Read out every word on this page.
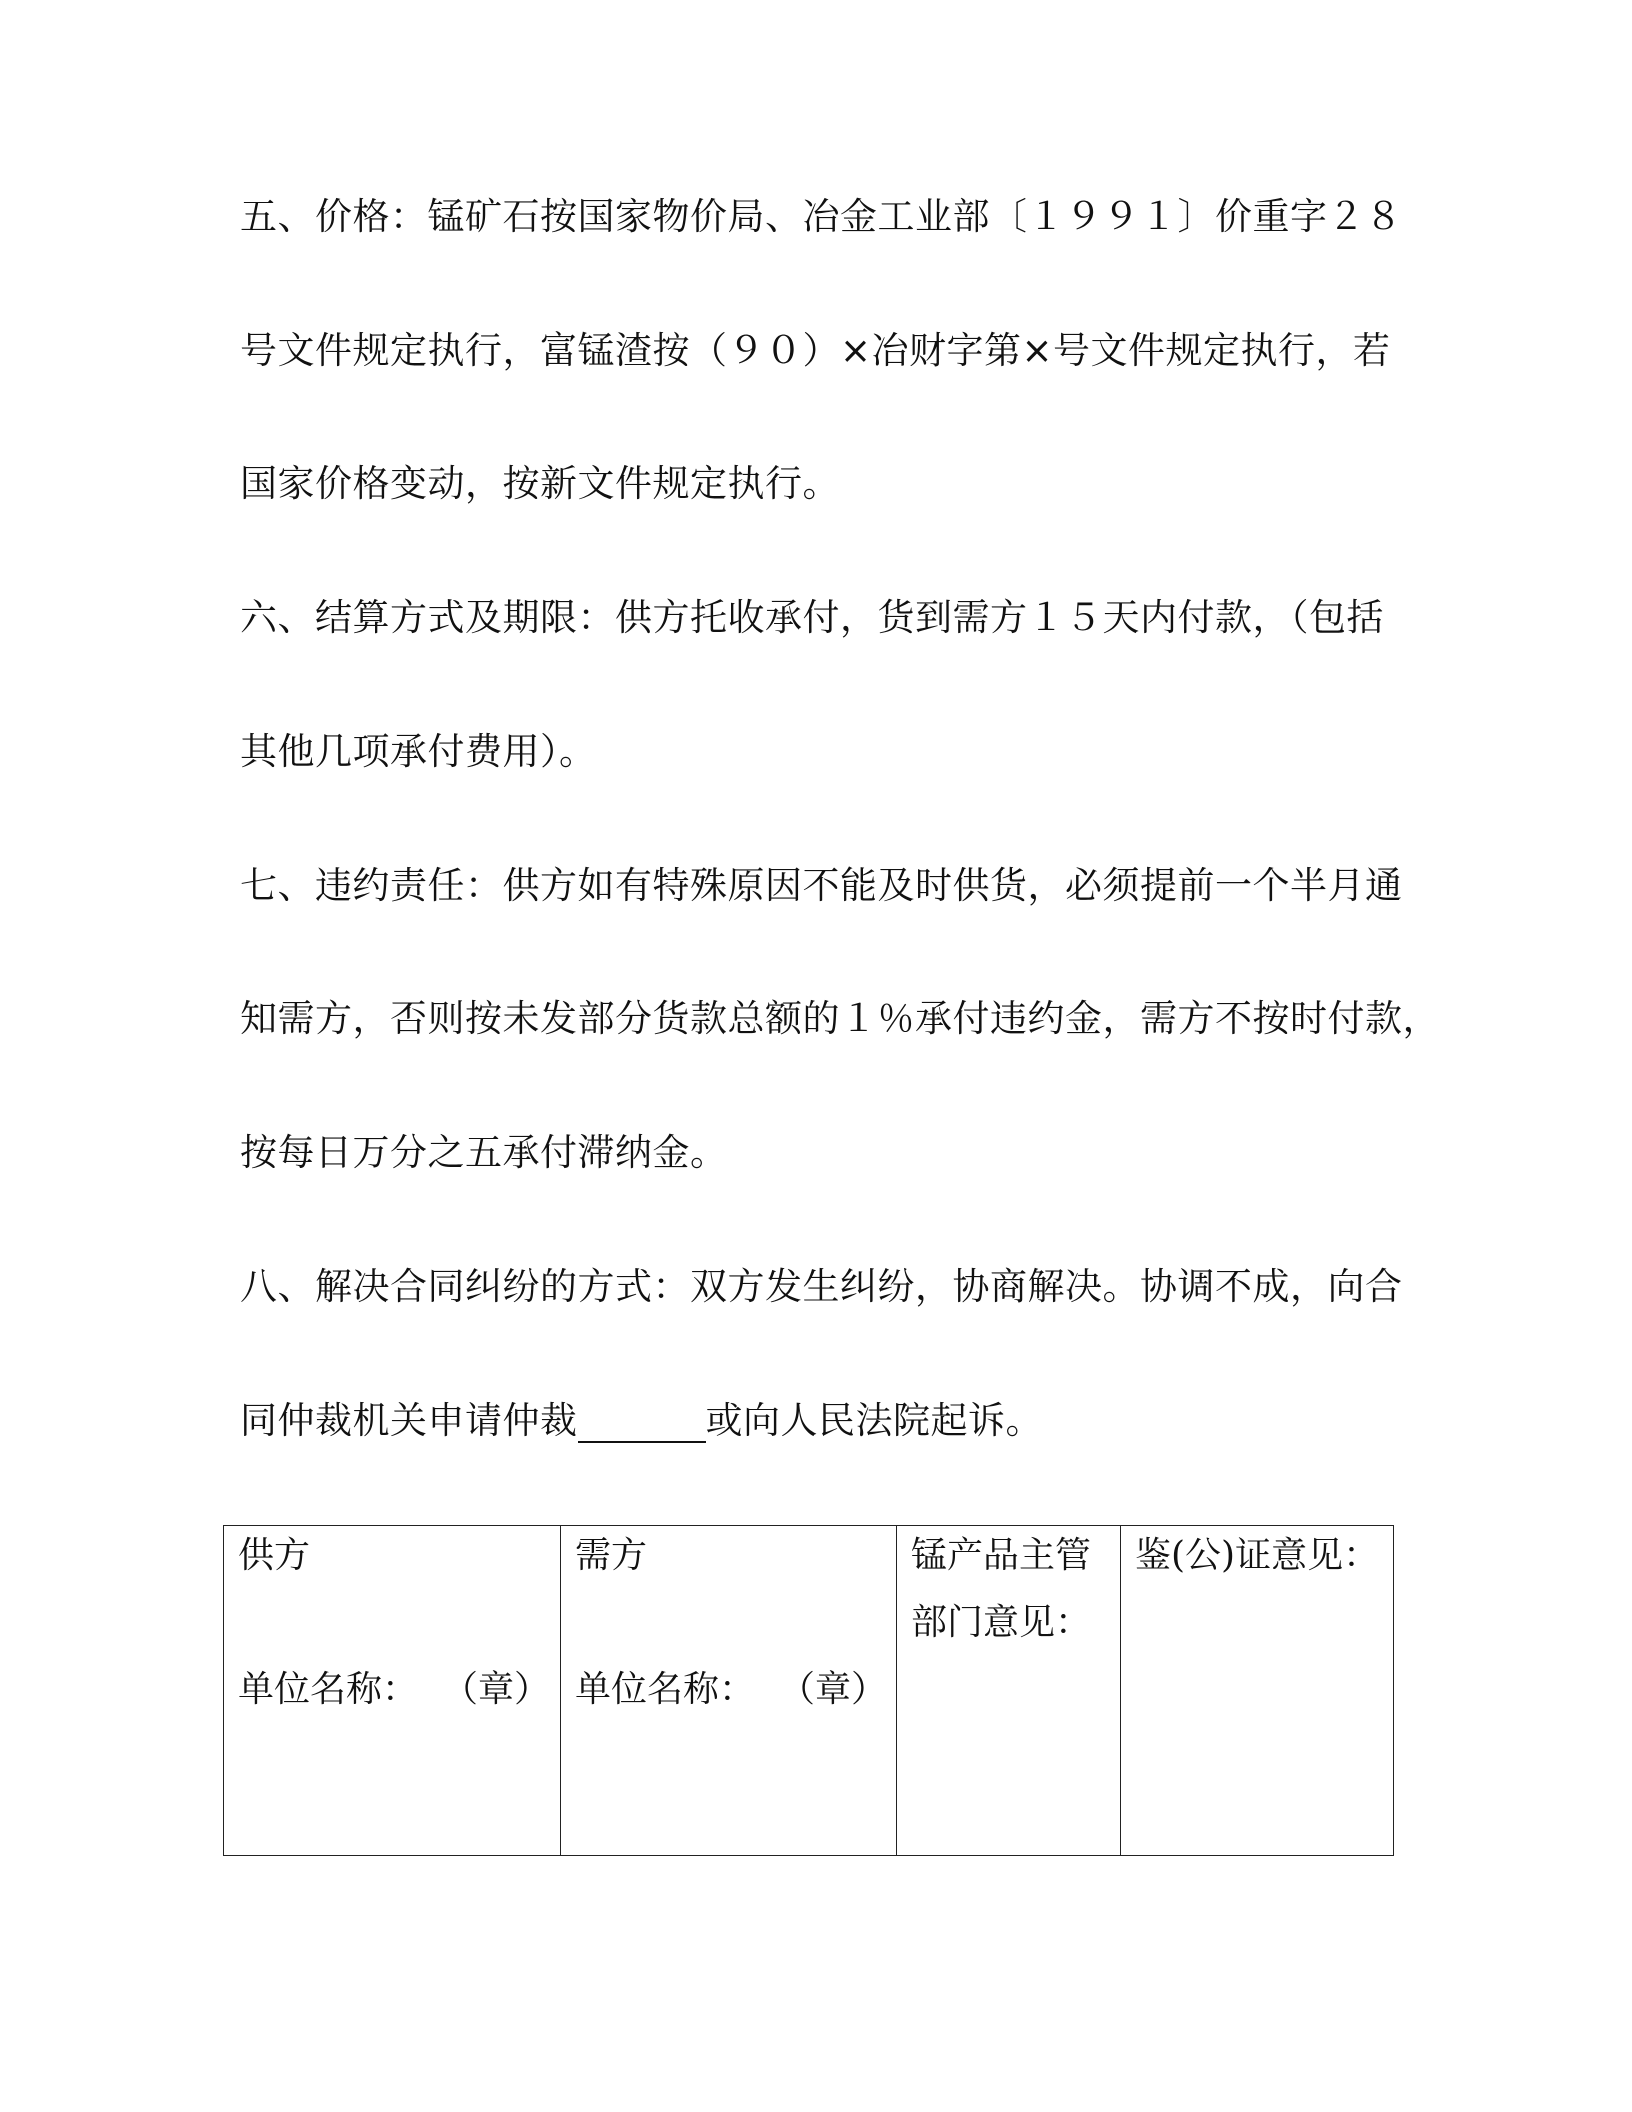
五、价格：锰矿石按国家物价局、冶金工业部〔１９９１〕价重字２８
号文件规定执行，富锰渣按（９０）×冶财字第×号文件规定执行，若
国家价格变动，按新文件规定执行。
六、结算方式及期限：供方托收承付，货到需方１５天内付款，（包括
其他几项承付费用）。
七、违约责任：供方如有特殊原因不能及时供货，必须提前一个半月通
知需方，否则按未发部分货款总额的１％承付违约金，需方不按时付款，
按每日万分之五承付滞纳金。
八、解决合同纠纷的方式：双方发生纠纷，协商解决。协调不成，向合
同仲裁机关申请仲裁	或向人民法院起诉。
供方
单位名称： （章）

需方
单位名称： （章）

锰产品主管
部门意见：

鉴(公)证意见：
